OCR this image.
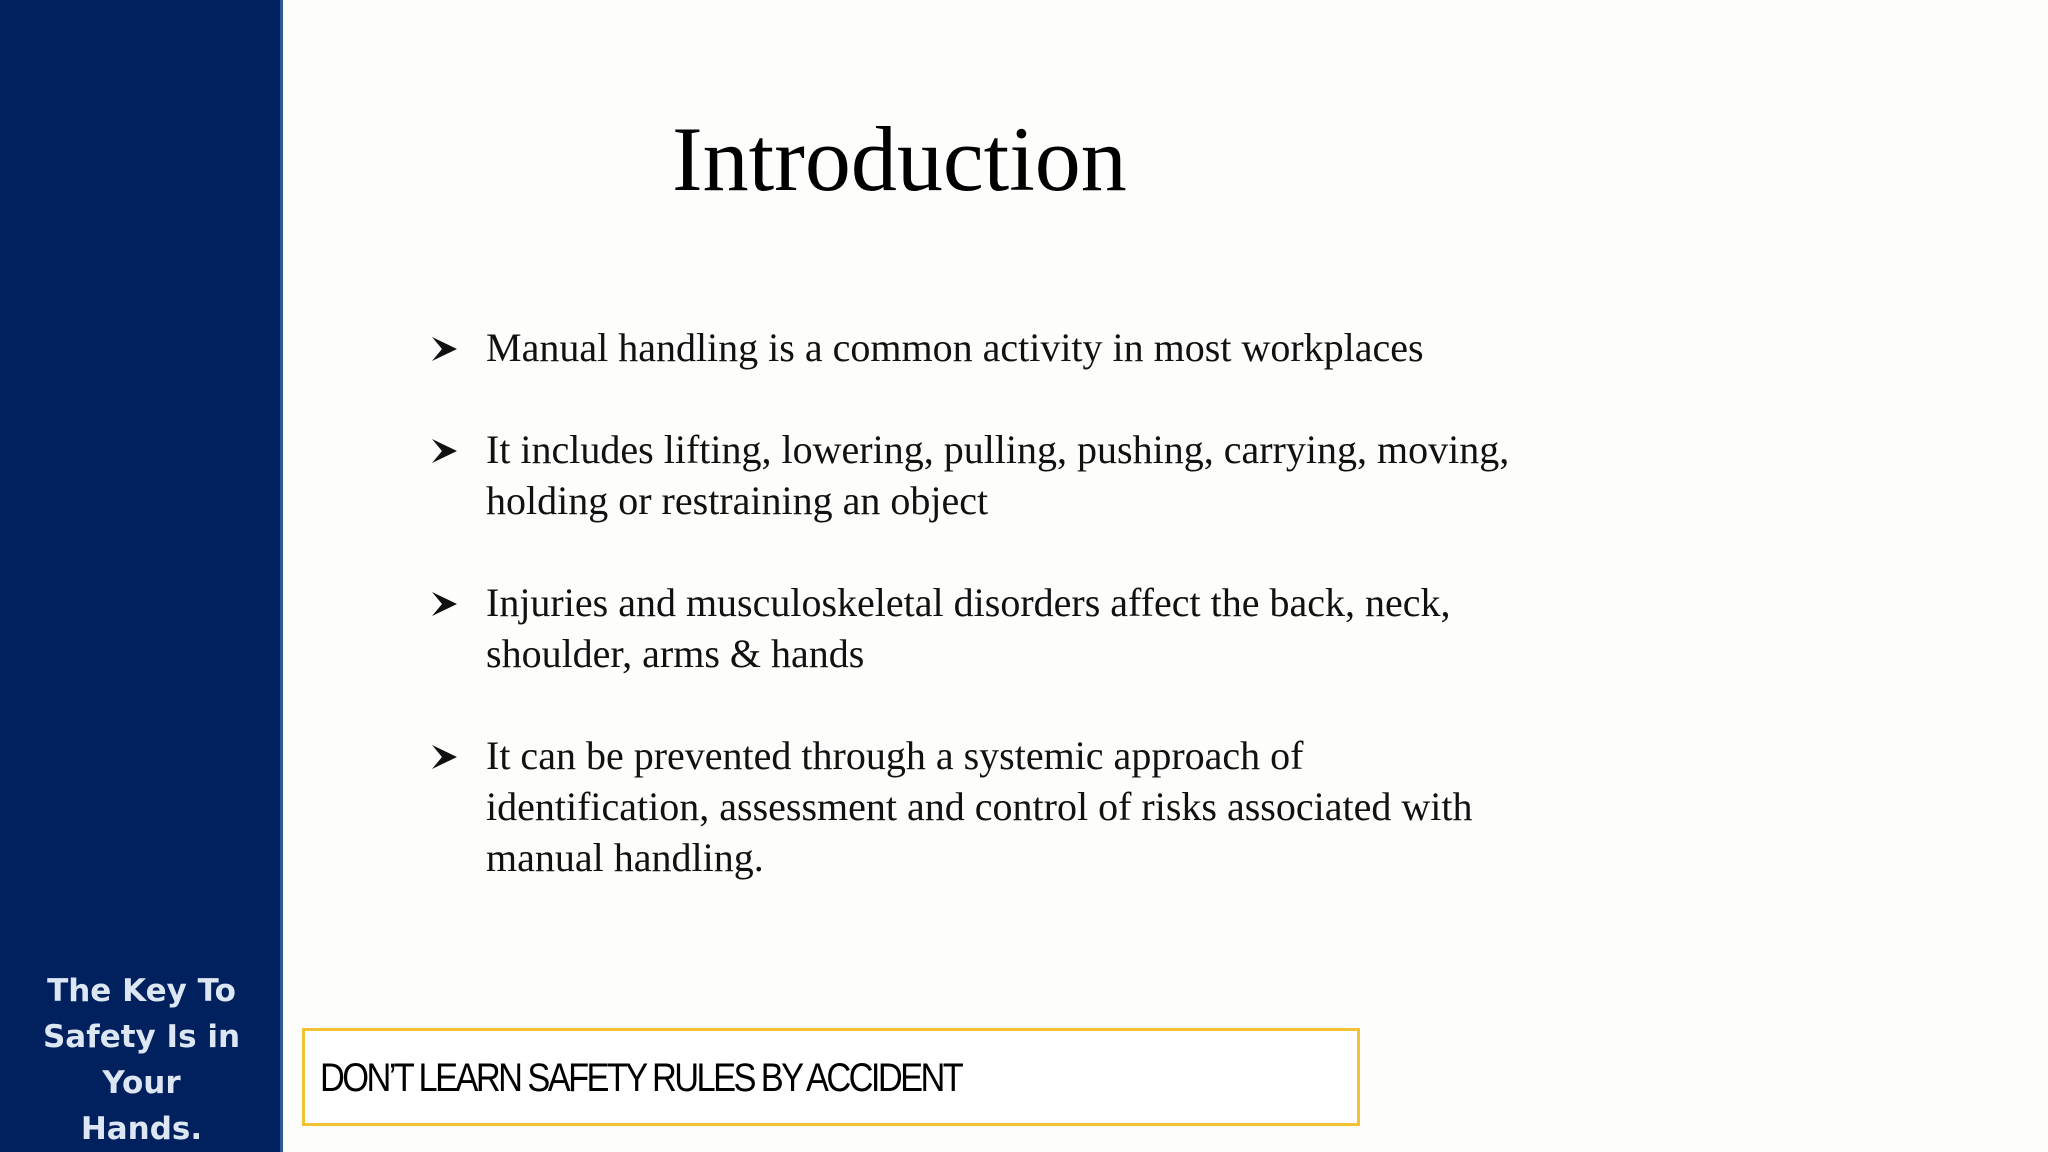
The Key To
Safety Is in Your
Hands.
Introduction
Manual handling is a common activity in most workplaces
It includes lifting, lowering, pulling, pushing, carrying, moving,
holding or restraining an object
Injuries and musculoskeletal disorders affect the back, neck,
shoulder, arms & hands
It can be prevented through a systemic approach of
identification, assessment and control of risks associated with
manual handling.
DON’T LEARN SAFETY RULES BY ACCIDENT
